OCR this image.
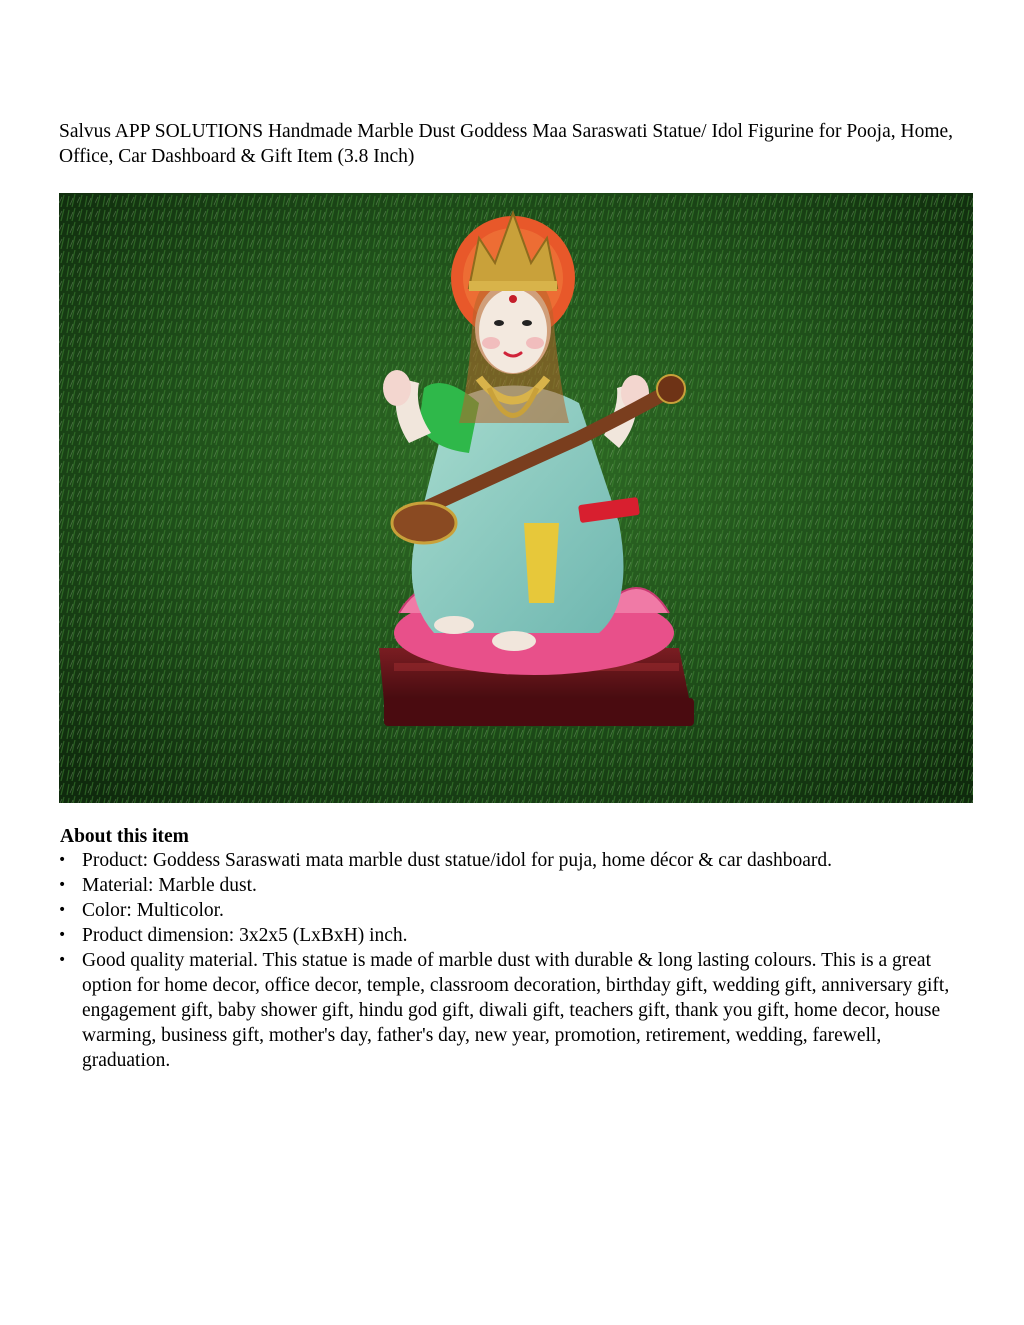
Salvus APP SOLUTIONS Handmade Marble Dust Goddess Maa Saraswati Statue/ Idol Figurine for Pooja, Home, Office, Car Dashboard & Gift Item (3.8 Inch)
About this item
• Product: Goddess Saraswati mata marble dust statue/idol for puja, home décor & car dashboard.
• Material: Marble dust.
• Color: Multicolor.
• Product dimension: 3x2x5 (LxBxH) inch.
• Good quality material. This statue is made of marble dust with durable & long lasting colours. This is a great option for home decor, office decor, temple, classroom decoration, birthday gift, wedding gift, anniversary gift, engagement gift, baby shower gift, hindu god gift, diwali gift, teachers gift, thank you gift, home decor, house warming, business gift, mother's day, father's day, new year, promotion, retirement, wedding, farewell, graduation.
